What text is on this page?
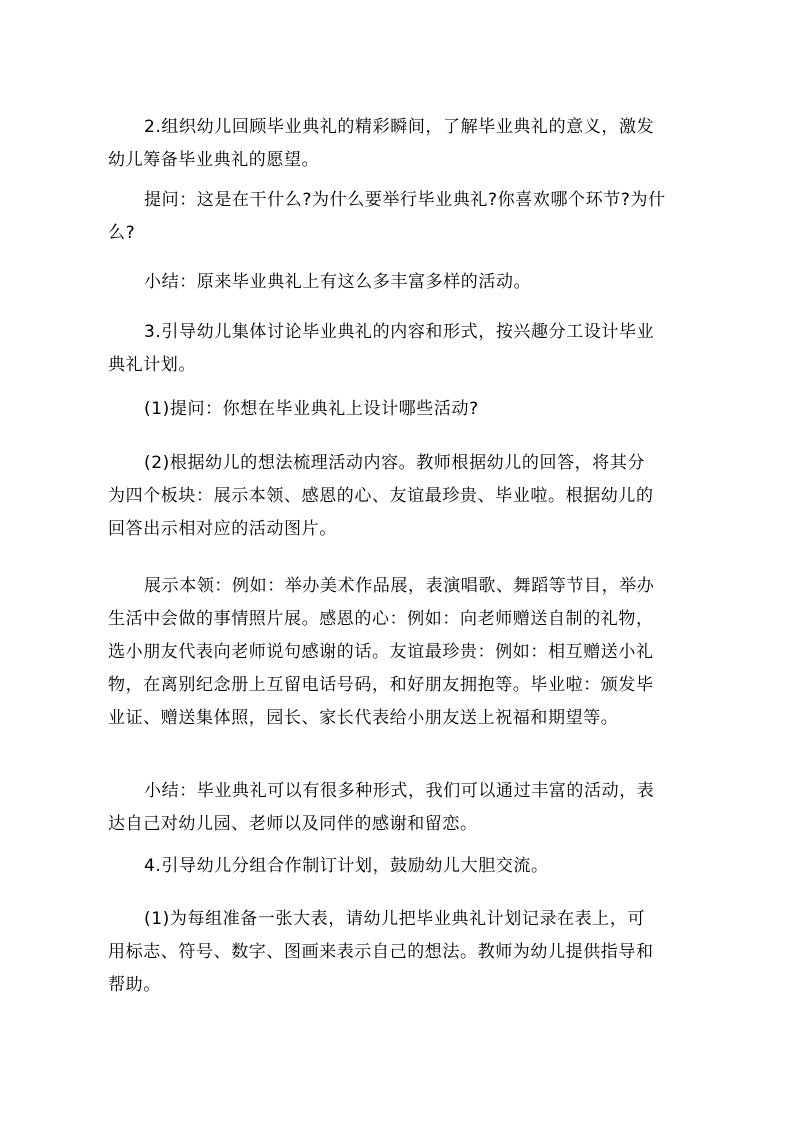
2.组织幼儿回顾毕业典礼的精彩瞬间，了解毕业典礼的意义，激发
幼儿筹备毕业典礼的愿望。
提问：这是在干什么?为什么要举行毕业典礼?你喜欢哪个环节?为什
么?
小结：原来毕业典礼上有这么多丰富多样的活动。
3.引导幼儿集体讨论毕业典礼的内容和形式，按兴趣分工设计毕业
典礼计划。
(1)提问：你想在毕业典礼上设计哪些活动?
(2)根据幼儿的想法梳理活动内容。教师根据幼儿的回答，将其分
为四个板块：展示本领、感恩的心、友谊最珍贵、毕业啦。根据幼儿的
回答出示相对应的活动图片。
展示本领：例如：举办美术作品展，表演唱歌、舞蹈等节目，举办
生活中会做的事情照片展。感恩的心：例如：向老师赠送自制的礼物，
选小朋友代表向老师说句感谢的话。友谊最珍贵：例如：相互赠送小礼
物，在离别纪念册上互留电话号码，和好朋友拥抱等。毕业啦：颁发毕
业证、赠送集体照，园长、家长代表给小朋友送上祝福和期望等。
小结：毕业典礼可以有很多种形式，我们可以通过丰富的活动，表
达自己对幼儿园、老师以及同伴的感谢和留恋。
4.引导幼儿分组合作制订计划，鼓励幼儿大胆交流。
(1)为每组准备一张大表，请幼儿把毕业典礼计划记录在表上，可
用标志、符号、数字、图画来表示自己的想法。教师为幼儿提供指导和
帮助。
